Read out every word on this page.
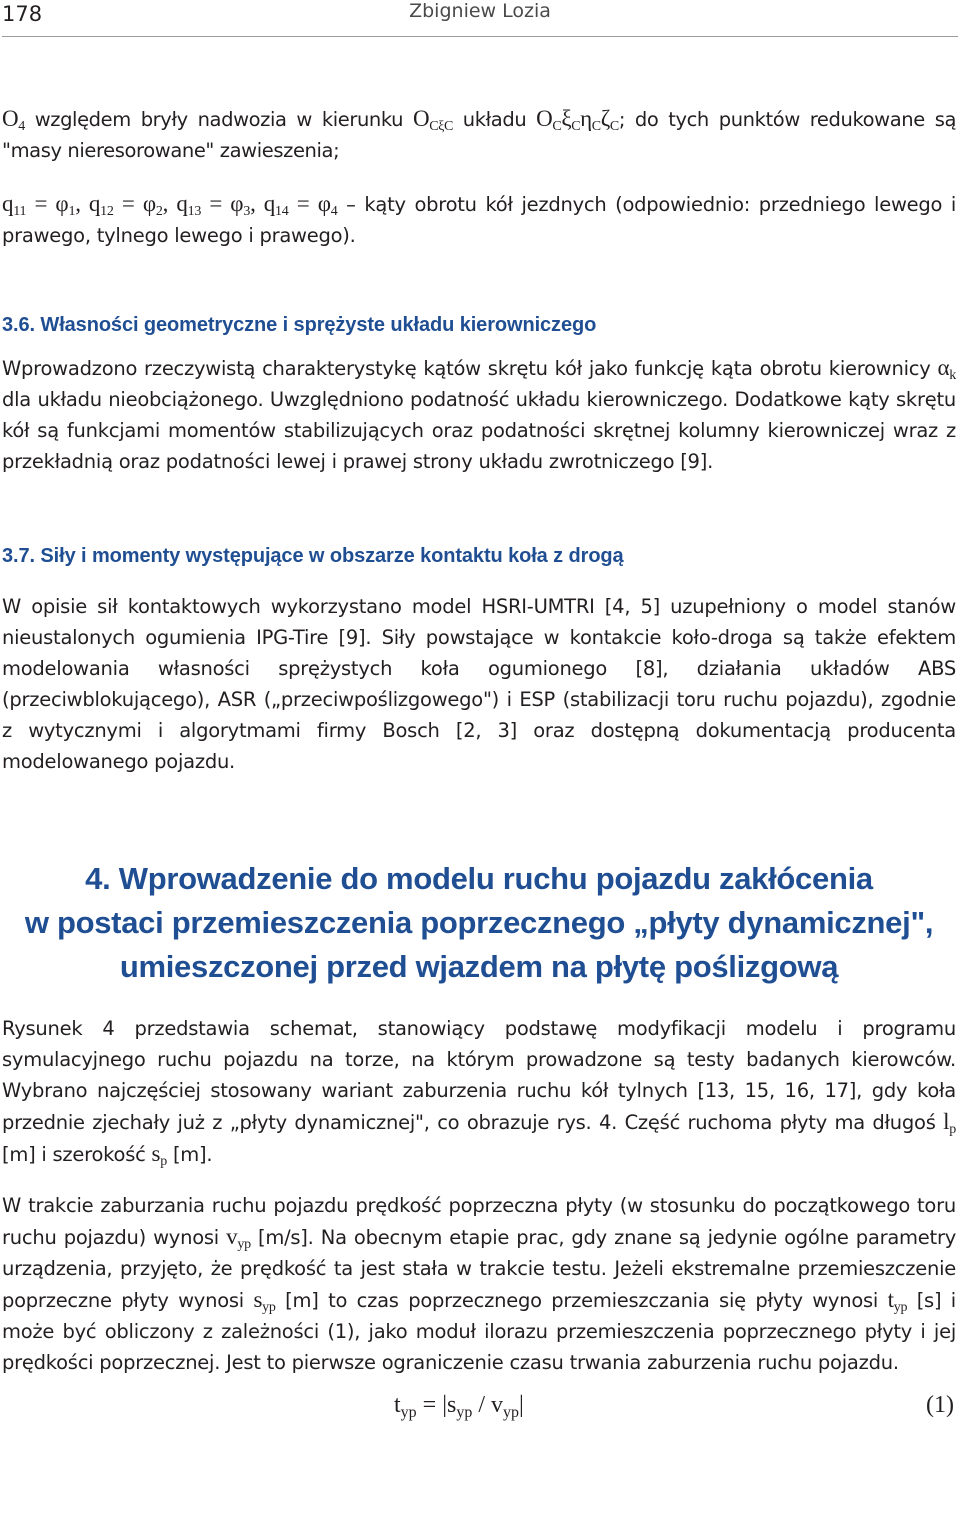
178	Zbigniew Lozia

$O_4$ względem bryły nadwozia w kierunku $O_{C\xi C}$ układu $O_C\xi_C\eta_C\zeta_C$; do tych punktów redukowane są "masy nieresorowane" zawieszenia;

$q_{11} = \varphi_1$, $q_{12} = \varphi_2$, $q_{13} = \varphi_3$, $q_{14} = \varphi_4$ – kąty obrotu kół jezdnych (odpowiednio: przedniego lewego i prawego, tylnego lewego i prawego).

3.6. Własności geometryczne i sprężyste układu kierowniczego

Wprowadzono rzeczywistą charakterystykę kątów skrętu kół jako funkcję kąta obrotu kierownicy $\alpha_k$ dla układu nieobciążonego. Uwzględniono podatność układu kierowniczego. Dodatkowe kąty skrętu kół są funkcjami momentów stabilizujących oraz podatności skrętnej kolumny kierowniczej wraz z przekładnią oraz podatności lewej i prawej strony układu zwrotniczego [9].

3.7. Siły i momenty występujące w obszarze kontaktu koła z drogą

W opisie sił kontaktowych wykorzystano model HSRI-UMTRI [4, 5] uzupełniony o model stanów nieustalonych ogumienia IPG-Tire [9]. Siły powstające w kontakcie koło-droga są także efektem modelowania własności sprężystych koła ogumionego [8], działania układów ABS (przeciwblokującego), ASR („przeciwpoślizgowego") i ESP (stabilizacji toru ruchu pojazdu), zgodnie z wytycznymi i algorytmami firmy Bosch [2, 3] oraz dostępną dokumentacją producenta modelowanego pojazdu.

4. Wprowadzenie do modelu ruchu pojazdu zakłócenia
w postaci przemieszczenia poprzecznego „płyty dynamicznej",
umieszczonej przed wjazdem na płytę poślizgową

Rysunek 4 przedstawia schemat, stanowiący podstawę modyfikacji modelu i programu symulacyjnego ruchu pojazdu na torze, na którym prowadzone są testy badanych kierowców. Wybrano najczęściej stosowany wariant zaburzenia ruchu kół tylnych [13, 15, 16, 17], gdy koła przednie zjechały już z „płyty dynamicznej", co obrazuje rys. 4. Część ruchoma płyty ma długoś $l_p$ [m] i szerokość $s_p$ [m].

W trakcie zaburzania ruchu pojazdu prędkość poprzeczna płyty (w stosunku do początkowego toru ruchu pojazdu) wynosi $v_{yp}$ [m/s]. Na obecnym etapie prac, gdy znane są jedynie ogólne parametry urządzenia, przyjęto, że prędkość ta jest stała w trakcie testu. Jeżeli ekstremalne przemieszczenie poprzeczne płyty wynosi $s_{yp}$ [m] to czas poprzecznego przemieszczania się płyty wynosi $t_{yp}$ [s] i może być obliczony z zależności (1), jako moduł ilorazu przemieszczenia poprzecznego płyty i jej prędkości poprzecznej. Jest to pierwsze ograniczenie czasu trwania zaburzenia ruchu pojazdu.

$t_{yp} = |s_{yp} / v_{yp}|$	(1)
